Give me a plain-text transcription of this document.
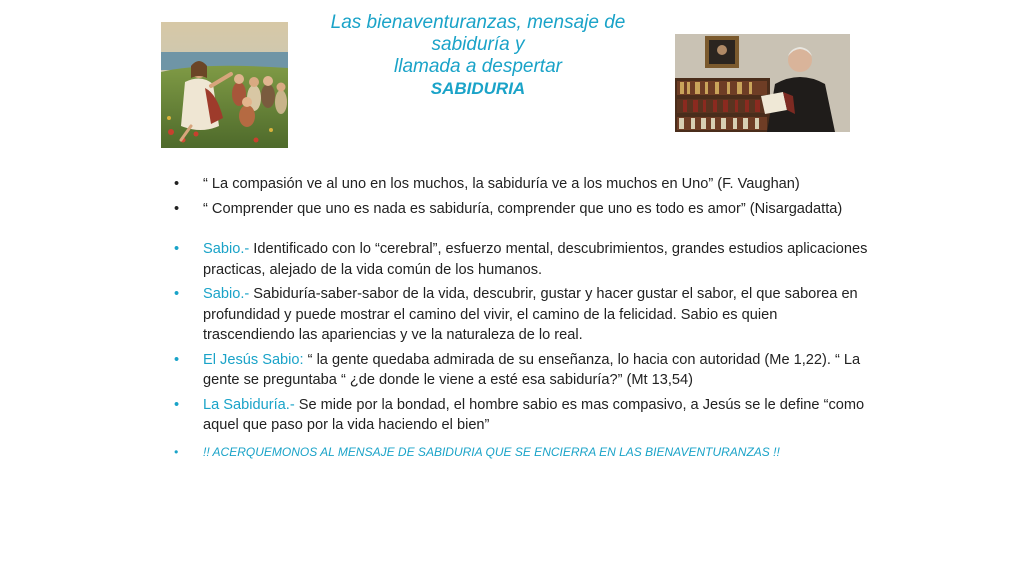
Las bienaventuranzas, mensaje de
sabiduría y
llamada a despertar
SABIDURIA
• “ La compasión ve al uno en los muchos, la sabiduría ve a los muchos en Uno” (F. Vaughan)
• “ Comprender que uno es nada es sabiduría, comprender que uno es todo es amor” (Nisargadatta)
• Sabio.- Identificado con lo “cerebral”, esfuerzo mental, descubrimientos, grandes estudios aplicaciones practicas, alejado de la vida común de los humanos.
• Sabio.- Sabiduría-saber-sabor de la vida, descubrir, gustar y hacer gustar el sabor, el que saborea en profundidad y puede mostrar el camino del vivir, el camino de la felicidad. Sabio es quien trascendiendo las apariencias y ve la naturaleza de lo real.
• El Jesús Sabio: “ la gente quedaba admirada de su enseñanza, lo hacia con autoridad (Me 1,22). “ La gente se preguntaba “ ¿de donde le viene a esté esa sabiduría?” (Mt 13,54)
• La Sabiduría.- Se mide por la bondad, el hombre sabio es mas compasivo, a Jesús se le define “como aquel que paso por la vida haciendo el bien”
• !! ACERQUEMONOS AL MENSAJE DE SABIDURIA QUE SE ENCIERRA EN LAS BIENAVENTURANZAS !!
